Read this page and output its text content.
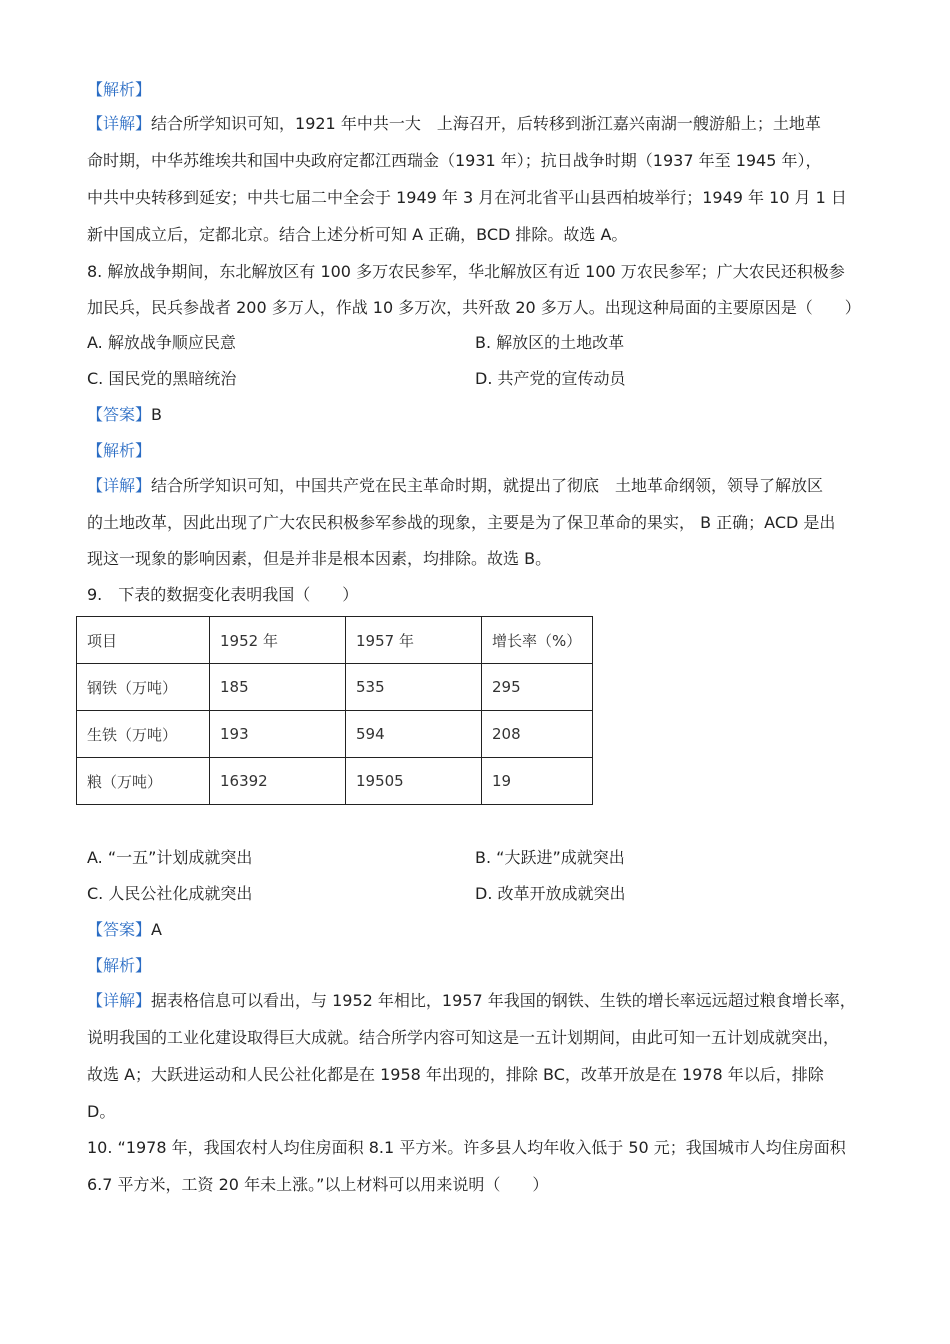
【解析】
【详解】结合所学知识可知，1921 年中共一大　上海召开，后转移到浙江嘉兴南湖一艘游船上；土地革
命时期，中华苏维埃共和国中央政府定都江西瑞金（1931 年）；抗日战争时期（1937 年至 1945 年），
中共中央转移到延安；中共七届二中全会于 1949 年 3 月在河北省平山县西柏坡举行；1949 年 10 月 1 日
新中国成立后，定都北京。结合上述分析可知 A 正确，BCD 排除。故选 A。
8. 解放战争期间，东北解放区有 100 多万农民参军，华北解放区有近 100 万农民参军；广大农民还积极参
加民兵，民兵参战者 200 多万人，作战 10 多万次，共歼敌 20 多万人。出现这种局面的主要原因是（　　）
A. 解放战争顺应民意	B. 解放区的土地改革
C. 国民党的黑暗统治	D. 共产党的宣传动员
【答案】B
【解析】
【详解】结合所学知识可知，中国共产党在民主革命时期，就提出了彻底　土地革命纲领，领导了解放区
的土地改革，因此出现了广大农民积极参军参战的现象，主要是为了保卫革命的果实， B 正确；ACD 是出
现这一现象的影响因素，但是并非是根本因素，均排除。故选 B。
9.　下表的数据变化表明我国（　　）
项目	1952 年	1957 年	增长率（%）
钢铁（万吨）	185	535	295
生铁（万吨）	193	594	208
粮（万吨）	16392	19505	19
A. “一五”计划成就突出	B. “大跃进”成就突出
C. 人民公社化成就突出	D. 改革开放成就突出
【答案】A
【解析】
【详解】据表格信息可以看出，与 1952 年相比，1957 年我国的钢铁、生铁的增长率远远超过粮食增长率，
说明我国的工业化建设取得巨大成就。结合所学内容可知这是一五计划期间，由此可知一五计划成就突出，
故选 A；大跃进运动和人民公社化都是在 1958 年出现的，排除 BC，改革开放是在 1978 年以后，排除
D。
10. “1978 年，我国农村人均住房面积 8.1 平方米。许多县人均年收入低于 50 元；我国城市人均住房面积
6.7 平方米，工资 20 年未上涨。”以上材料可以用来说明（　　）
